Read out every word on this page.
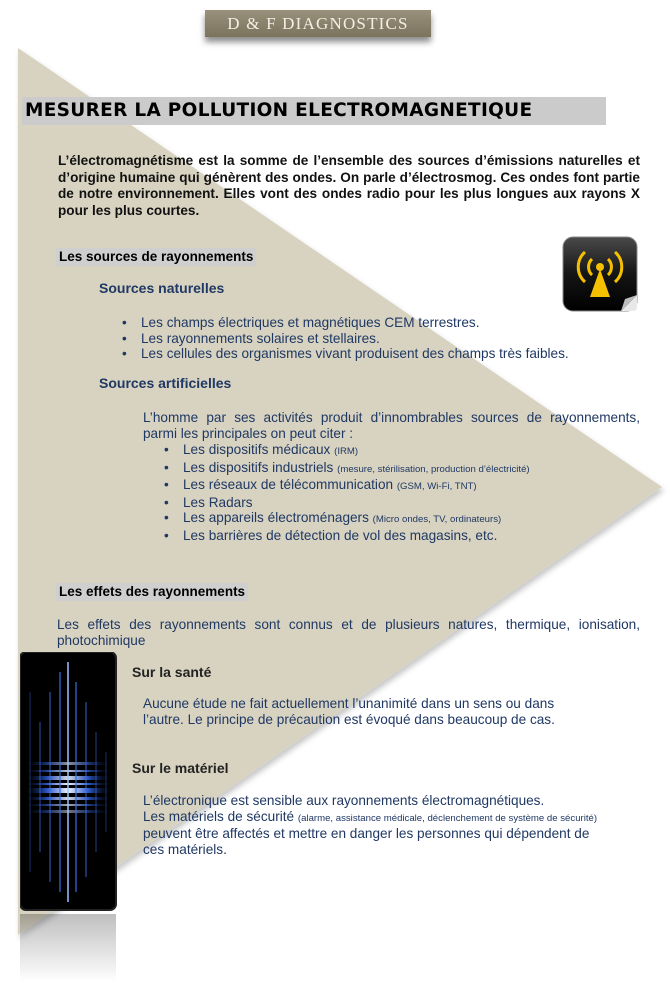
D & F DIAGNOSTICS
MESURER LA POLLUTION ELECTROMAGNETIQUE

L’électromagnétisme est la somme de l’ensemble des sources d’émissions naturelles et d’origine humaine qui génèrent des ondes. On parle d’électrosmog. Ces ondes font partie de notre environnement. Elles vont des ondes radio pour les plus longues aux rayons X pour les plus courtes.

Les sources de rayonnements
Sources naturelles
• Les champs électriques et magnétiques CEM terrestres.
• Les rayonnements solaires et stellaires.
• Les cellules des organismes vivant produisent des champs très faibles.
Sources artificielles

L’homme par ses activités produit d’innombrables sources de rayonnements, parmi les principales on peut citer :

• Les dispositifs médicaux (IRM)
• Les dispositifs industriels (mesure, stérilisation, production d’électricité)
• Les réseaux de télécommunication (GSM, Wi-Fi, TNT)
• Les Radars
• Les appareils électroménagers (Micro ondes, TV, ordinateurs)
• Les barrières de détection de vol des magasins, etc.
Les effets des rayonnements

Les effets des rayonnements sont connus et de plusieurs natures, thermique, ionisation, photochimique

Sur la santé

Aucune étude ne fait actuellement l’unanimité dans un sens ou dans l’autre. Le principe de précaution est évoqué dans beaucoup de cas.

Sur le matériel

L’électronique est sensible aux rayonnements électromagnétiques.
Les matériels de sécurité (alarme, assistance médicale, déclenchement de système de sécurité) peuvent être affectés et mettre en danger les personnes qui dépendent de ces matériels.
